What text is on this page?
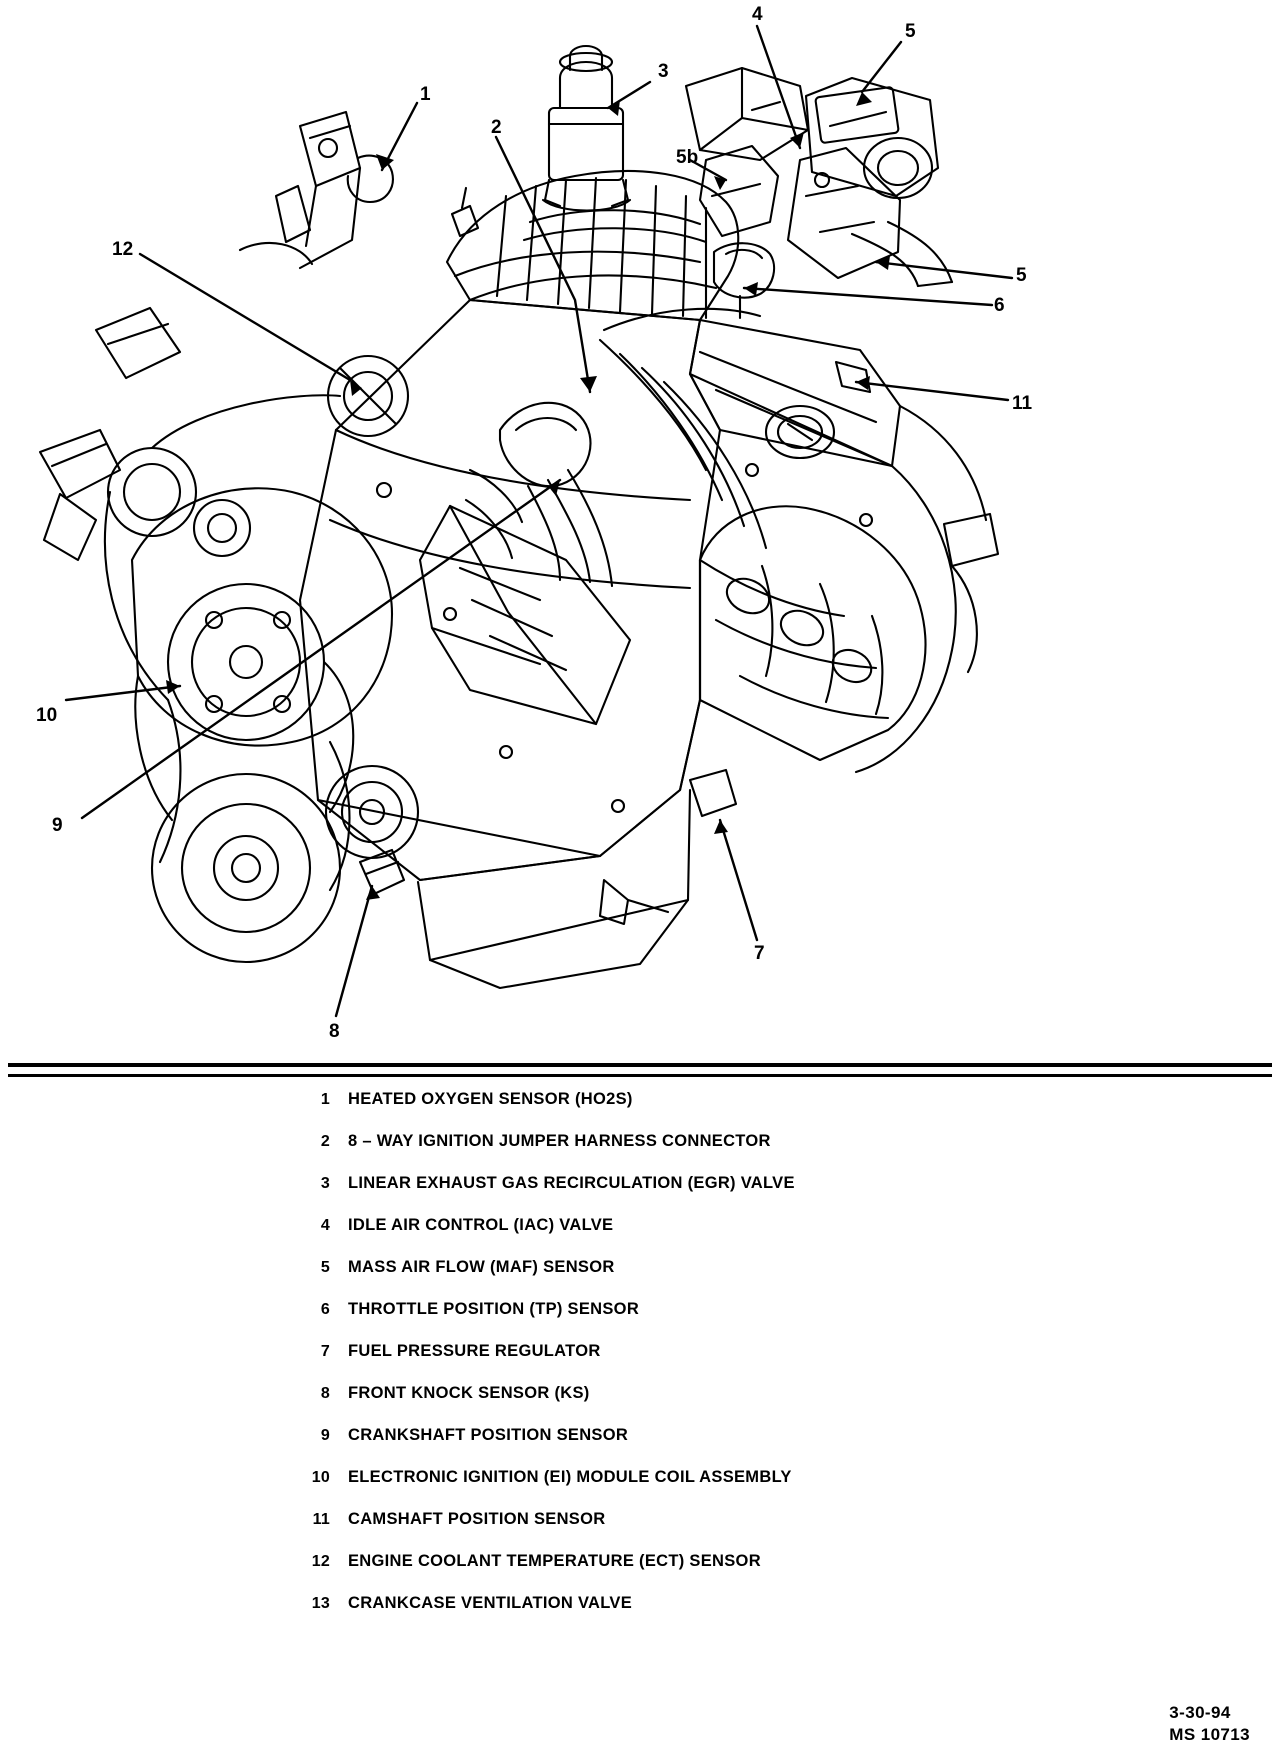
1
2
3
4
5
5
5b
6
7
8
9
10
11
12
1	HEATED OXYGEN SENSOR (HO2S)
2	8 – WAY IGNITION JUMPER HARNESS CONNECTOR
3	LINEAR EXHAUST GAS RECIRCULATION (EGR) VALVE
4	IDLE AIR CONTROL (IAC) VALVE
5	MASS AIR FLOW (MAF) SENSOR
6	THROTTLE POSITION (TP) SENSOR
7	FUEL PRESSURE REGULATOR
8	FRONT KNOCK SENSOR (KS)
9	CRANKSHAFT POSITION SENSOR
10	ELECTRONIC IGNITION (EI) MODULE COIL ASSEMBLY
11	CAMSHAFT POSITION SENSOR
12	ENGINE COOLANT TEMPERATURE (ECT) SENSOR
13	CRANKCASE VENTILATION VALVE
3-30-94
MS 10713
